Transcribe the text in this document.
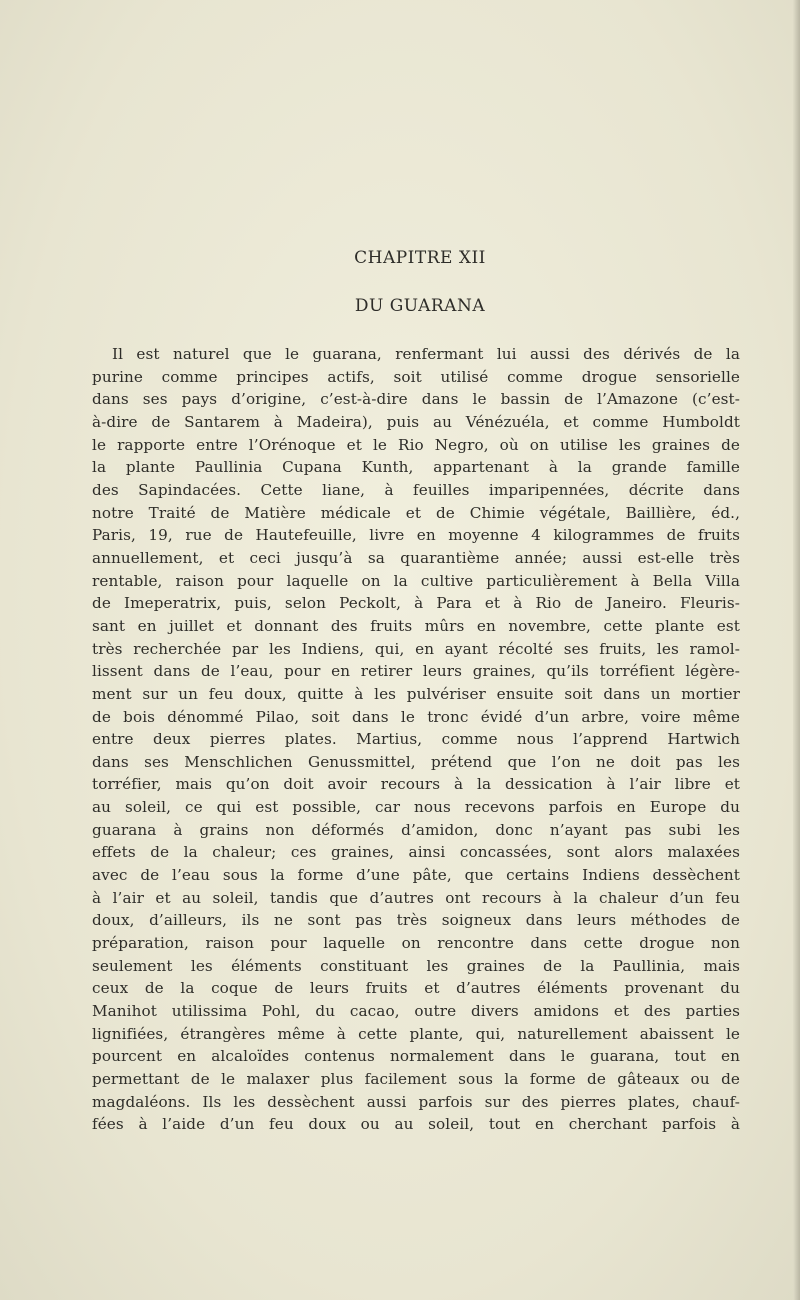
CHAPITRE XII
DU GUARANA
Il est naturel que le guarana, renfermant lui aussi des dérivés de la
purine comme principes actifs, soit utilisé comme drogue sensorielle
dans ses pays d’origine, c’est-à-dire dans le bassin de l’Amazone (c’est-
à-dire de Santarem à Madeira), puis au Vénézuéla, et comme Humboldt
le rapporte entre l’Orénoque et le Rio Negro, où on utilise les graines de
la plante Paullinia Cupana Kunth, appartenant à la grande famille
des Sapindacées. Cette liane, à feuilles imparipennées, décrite dans
notre Traité de Matière médicale et de Chimie végétale, Baillière, éd.,
Paris, 19, rue de Hautefeuille, livre en moyenne 4 kilogrammes de fruits
annuellement, et ceci jusqu’à sa quarantième année; aussi est-elle très
rentable, raison pour laquelle on la cultive particulièrement à Bella Villa
de Imeperatrix, puis, selon Peckolt, à Para et à Rio de Janeiro. Fleuris-
sant en juillet et donnant des fruits mûrs en novembre, cette plante est
très recherchée par les Indiens, qui, en ayant récolté ses fruits, les ramol-
lissent dans de l’eau, pour en retirer leurs graines, qu’ils torréfient légère-
ment sur un feu doux, quitte à les pulvériser ensuite soit dans un mortier
de bois dénommé Pilao, soit dans le tronc évidé d’un arbre, voire même
entre deux pierres plates. Martius, comme nous l’apprend Hartwich
dans ses Menschlichen Genussmittel, prétend que l’on ne doit pas les
torréfier, mais qu’on doit avoir recours à la dessication à l’air libre et
au soleil, ce qui est possible, car nous recevons parfois en Europe du
guarana à grains non déformés d’amidon, donc n’ayant pas subi les
effets de la chaleur; ces graines, ainsi concassées, sont alors malaxées
avec de l’eau sous la forme d’une pâte, que certains Indiens dessèchent
à l’air et au soleil, tandis que d’autres ont recours à la chaleur d’un feu
doux, d’ailleurs, ils ne sont pas très soigneux dans leurs méthodes de
préparation, raison pour laquelle on rencontre dans cette drogue non
seulement les éléments constituant les graines de la Paullinia, mais
ceux de la coque de leurs fruits et d’autres éléments provenant du
Manihot utilissima Pohl, du cacao, outre divers amidons et des parties
lignifiées, étrangères même à cette plante, qui, naturellement abaissent le
pourcent en alcaloïdes contenus normalement dans le guarana, tout en
permettant de le malaxer plus facilement sous la forme de gâteaux ou de
magdaléons. Ils les dessèchent aussi parfois sur des pierres plates, chauf-
fées à l’aide d’un feu doux ou au soleil, tout en cherchant parfois à
